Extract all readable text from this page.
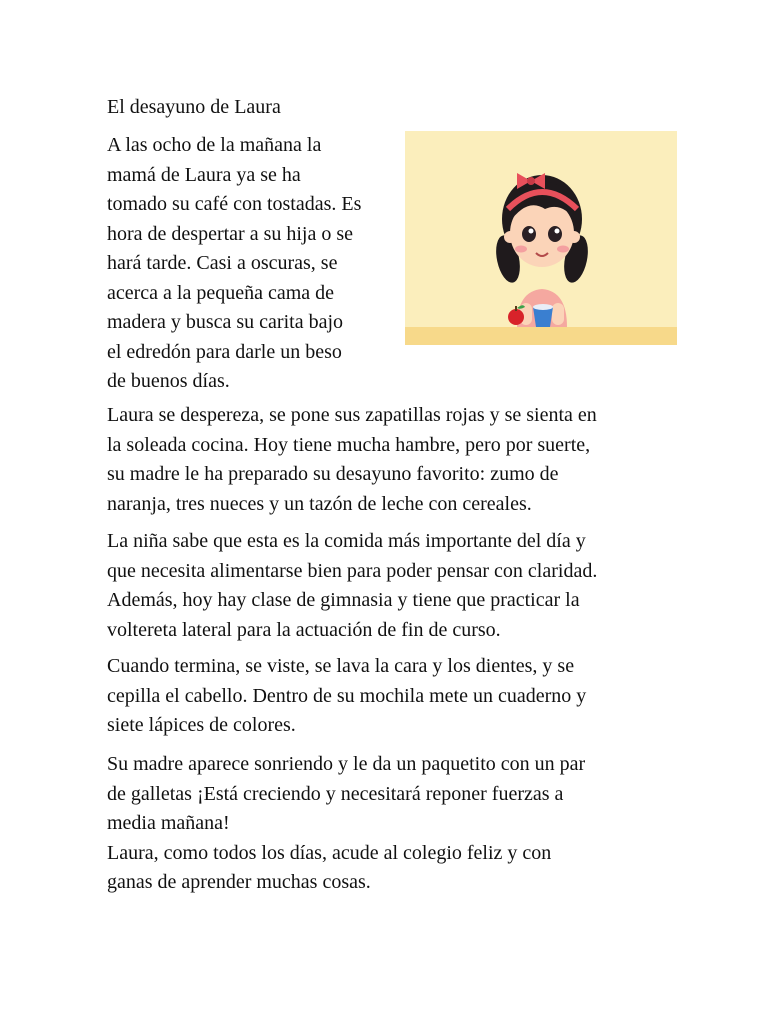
El desayuno de Laura

A las ocho de la mañana la
mamá de Laura ya se ha
tomado su café con tostadas. Es
hora de despertar a su hija o se
hará tarde. Casi a oscuras, se
acerca a la pequeña cama de
madera y busca su carita bajo
el edredón para darle un beso
de buenos días.

Laura se despereza, se pone sus zapatillas rojas y se sienta en
la soleada cocina. Hoy tiene mucha hambre, pero por suerte,
su madre le ha preparado su desayuno favorito: zumo de
naranja, tres nueces y un tazón de leche con cereales.

La niña sabe que esta es la comida más importante del día y
que necesita alimentarse bien para poder pensar con claridad.
Además, hoy hay clase de gimnasia y tiene que practicar la
voltereta lateral para la actuación de fin de curso.

Cuando termina, se viste, se lava la cara y los dientes, y se
cepilla el cabello. Dentro de su mochila mete un cuaderno y
siete lápices de colores.

Su madre aparece sonriendo y le da un paquetito con un par
de galletas ¡Está creciendo y necesitará reponer fuerzas a
media mañana!
Laura, como todos los días, acude al colegio feliz y con
ganas de aprender muchas cosas.
